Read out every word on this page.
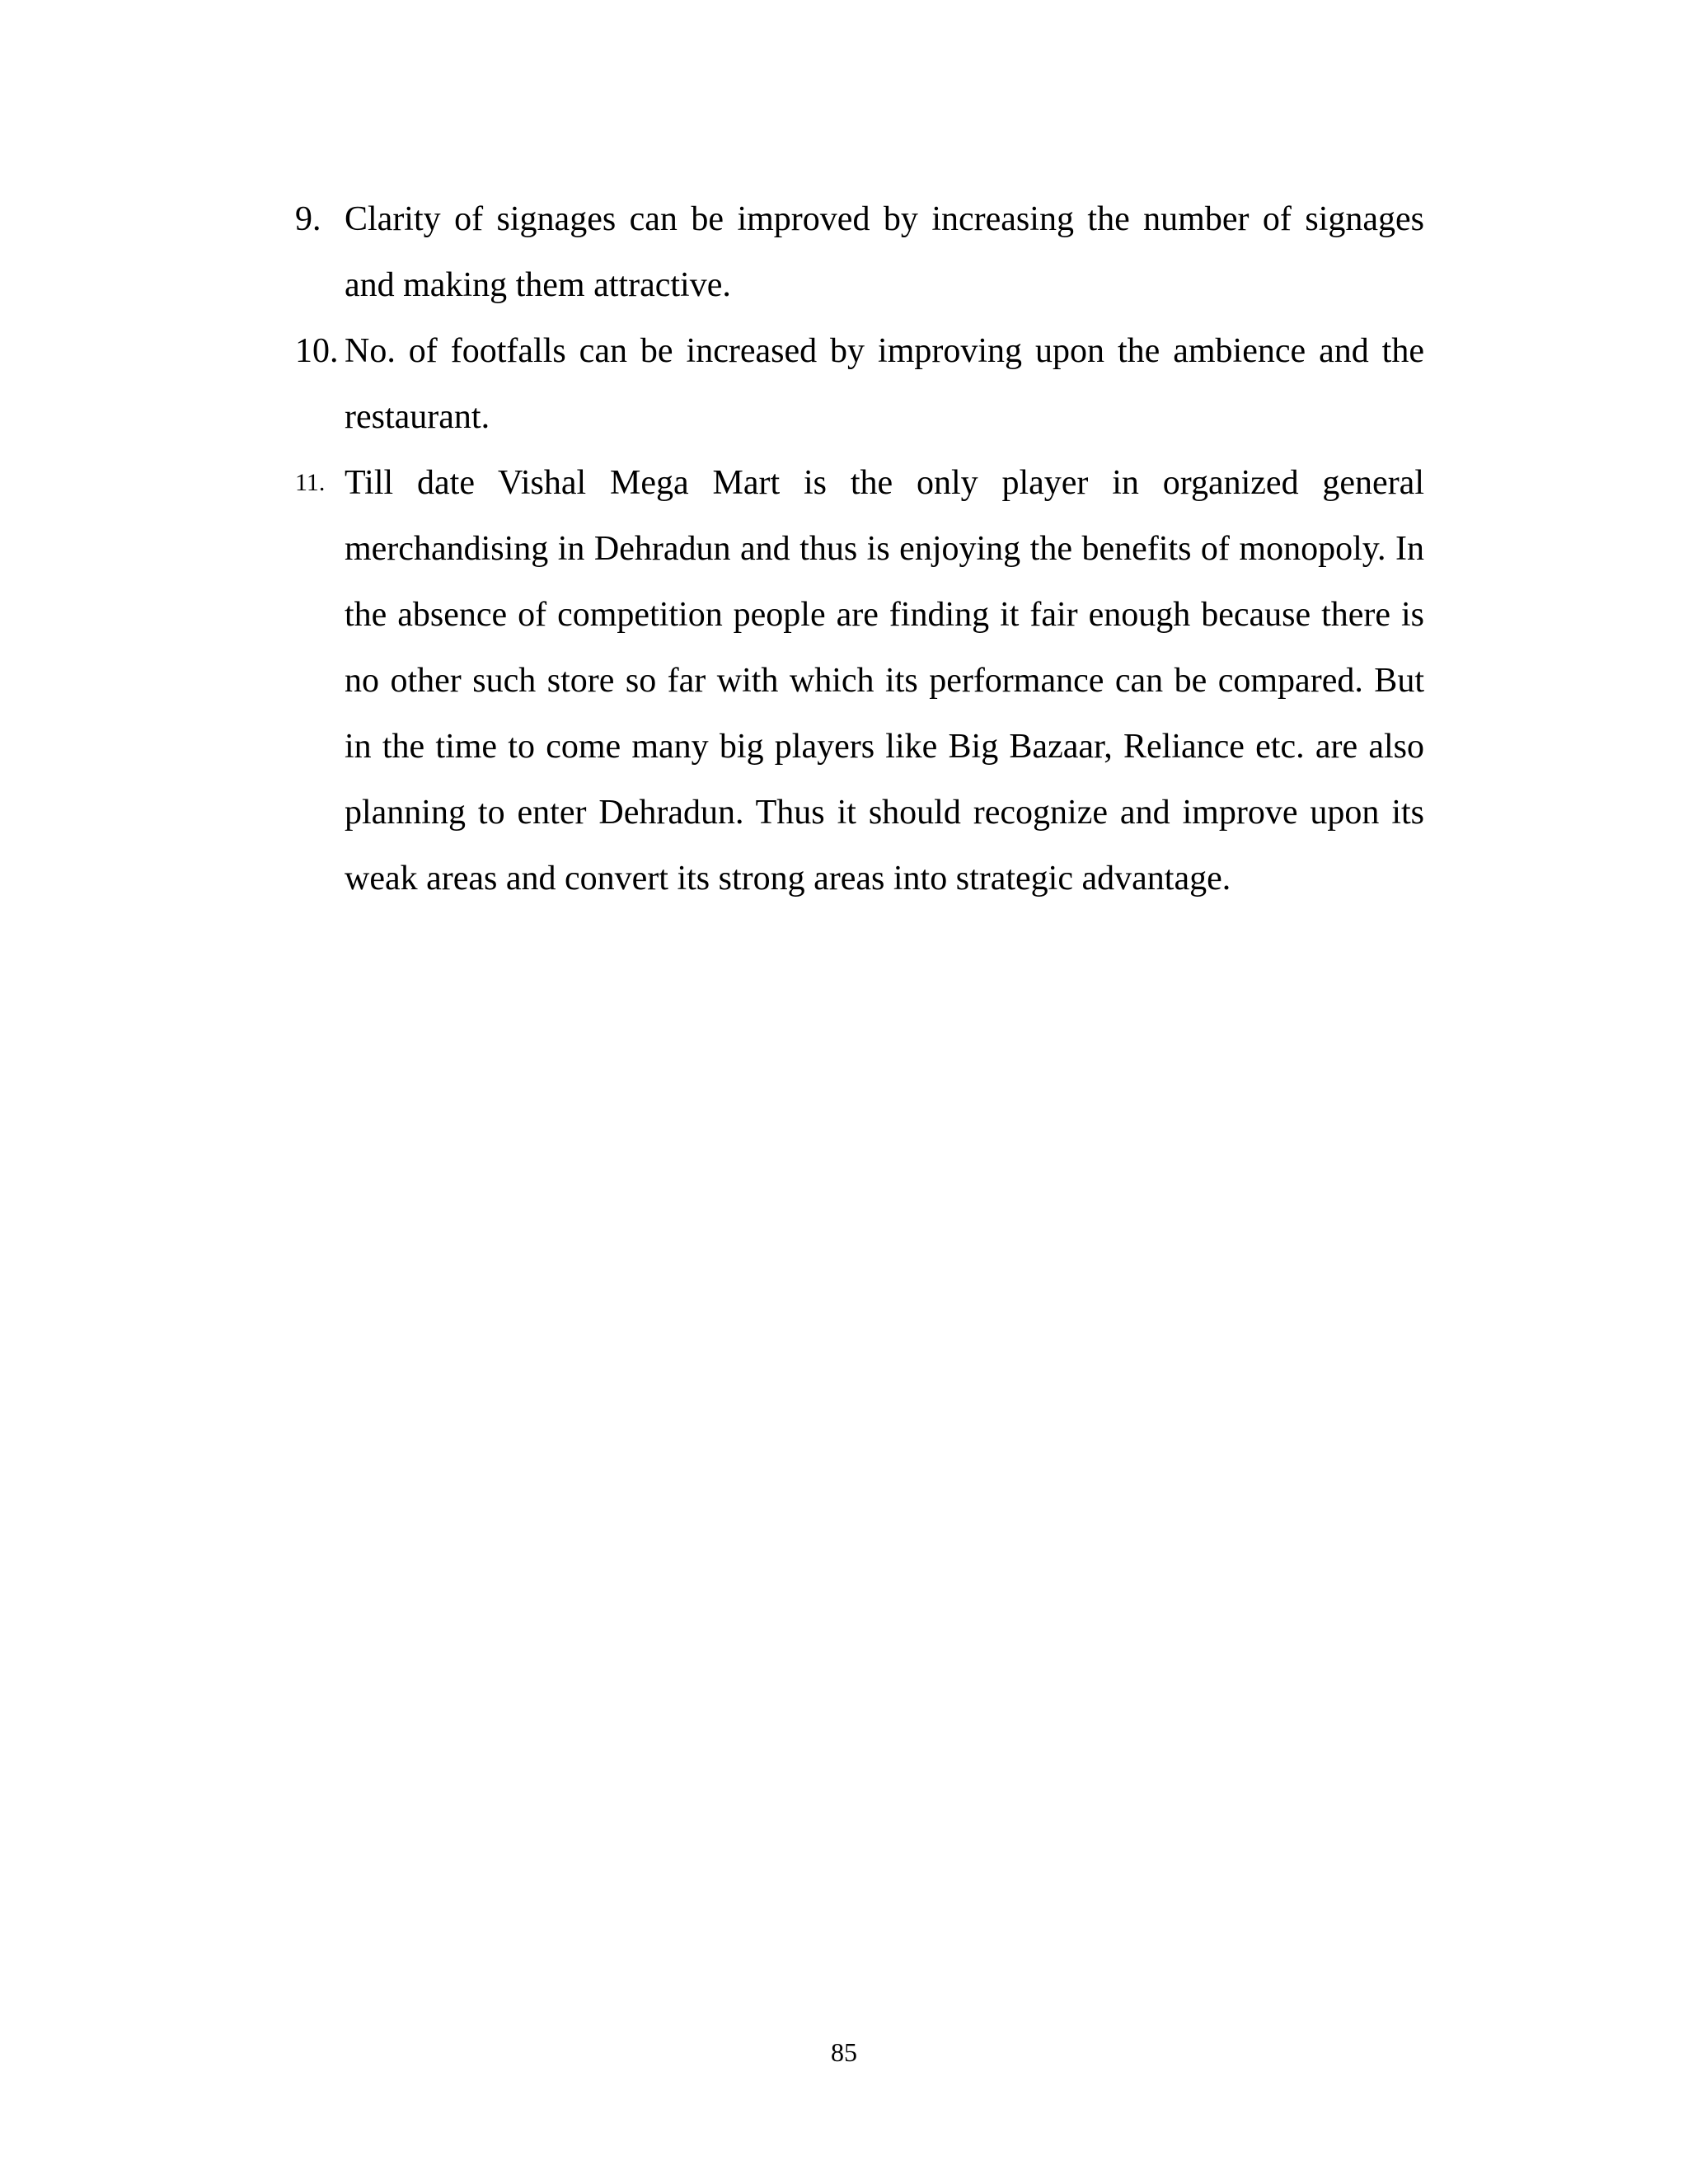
9. Clarity of signages can be improved by increasing the number of signages and making them attractive.
10. No. of footfalls can be increased by improving upon the ambience and the restaurant.
11. Till date Vishal Mega Mart is the only player in organized general merchandising in Dehradun and thus is enjoying the benefits of monopoly. In the absence of competition people are finding it fair enough because there is no other such store so far with which its performance can be compared. But in the time to come many big players like Big Bazaar, Reliance etc. are also planning to enter Dehradun. Thus it should recognize and improve upon its weak areas and convert its strong areas into strategic advantage.
85
